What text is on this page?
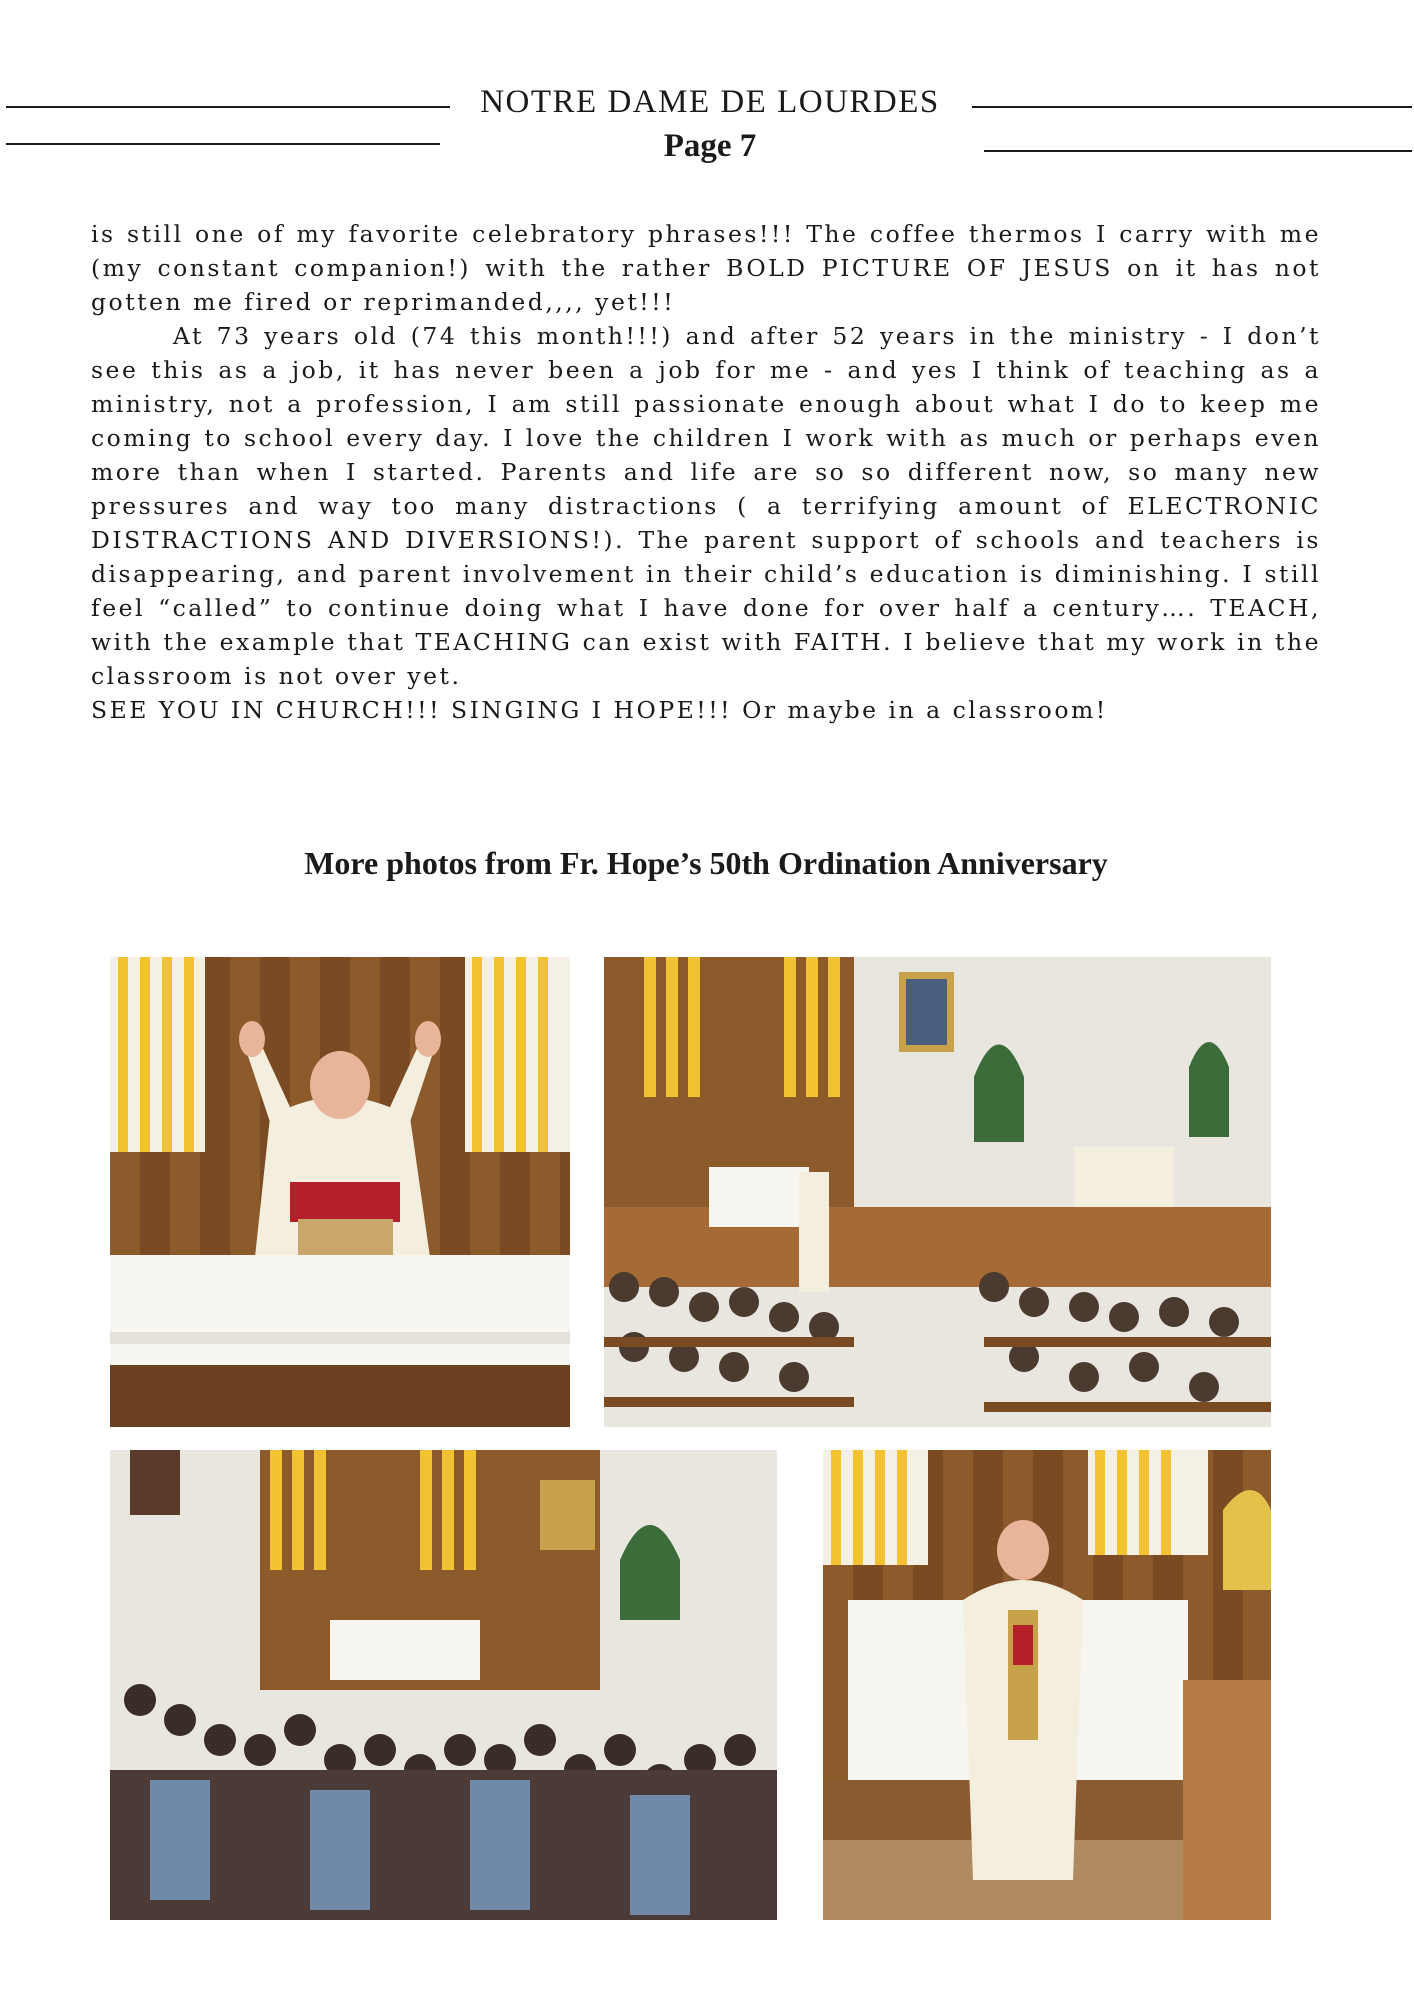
NOTRE DAME DE LOURDES
Page 7

is still one of my favorite celebratory phrases!!! The coffee thermos I carry with me (my constant companion!) with the rather BOLD PICTURE OF JESUS on it has not gotten me fired or reprimanded,,,, yet!!!

At 73 years old (74 this month!!!) and after 52 years in the ministry - I don’t see this as a job, it has never been a job for me - and yes I think of teaching as a ministry, not a profession, I am still passionate enough about what I do to keep me coming to school every day. I love the children I work with as much or perhaps even more than when I started. Parents and life are so so different now, so many new pressures and way too many distractions ( a terrifying amount of ELECTRONIC DISTRACTIONS AND DIVERSIONS!). The parent support of schools and teachers is disappearing, and parent involvement in their child’s education is diminishing. I still feel “called” to continue doing what I have done for over half a century…. TEACH, with the example that TEACHING can exist with FAITH. I believe that my work in the classroom is not over yet.

SEE YOU IN CHURCH!!! SINGING I HOPE!!! Or maybe in a classroom!

More photos from Fr. Hope’s 50th Ordination Anniversary
